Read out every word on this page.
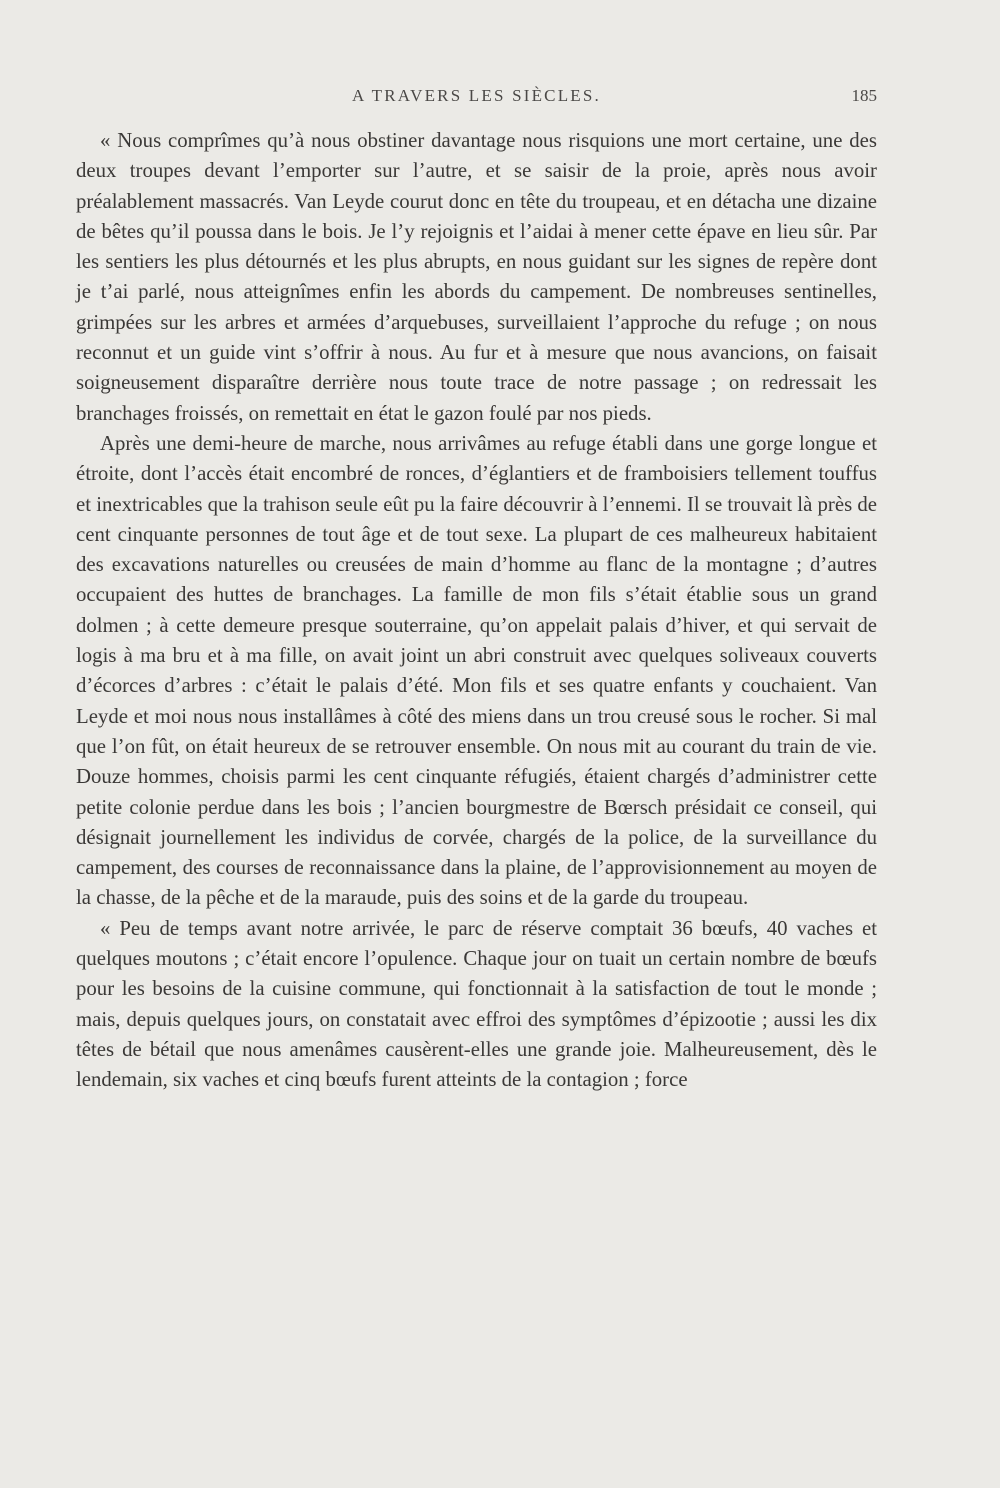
A TRAVERS LES SIÈCLES.	185

« Nous comprîmes qu’à nous obstiner davantage nous risquions une mort certaine, une des deux troupes devant l’emporter sur l’autre, et se saisir de la proie, après nous avoir préalablement massacrés. Van Leyde courut donc en tête du troupeau, et en détacha une dizaine de bêtes qu’il poussa dans le bois. Je l’y rejoignis et l’aidai à mener cette épave en lieu sûr. Par les sentiers les plus détournés et les plus abrupts, en nous guidant sur les signes de repère dont je t’ai parlé, nous atteignîmes enfin les abords du campement. De nombreuses sentinelles, grimpées sur les arbres et armées d’arquebuses, surveillaient l’approche du refuge ; on nous reconnut et un guide vint s’offrir à nous. Au fur et à mesure que nous avancions, on faisait soigneusement disparaître derrière nous toute trace de notre passage ; on redressait les branchages froissés, on remettait en état le gazon foulé par nos pieds.

Après une demi-heure de marche, nous arrivâmes au refuge établi dans une gorge longue et étroite, dont l’accès était encombré de ronces, d’églantiers et de framboisiers tellement touffus et inextricables que la trahison seule eût pu la faire découvrir à l’ennemi. Il se trouvait là près de cent cinquante personnes de tout âge et de tout sexe. La plupart de ces malheureux habitaient des excavations naturelles ou creusées de main d’homme au flanc de la montagne ; d’autres occupaient des huttes de branchages. La famille de mon fils s’était établie sous un grand dolmen ; à cette demeure presque souterraine, qu’on appelait palais d’hiver, et qui servait de logis à ma bru et à ma fille, on avait joint un abri construit avec quelques soliveaux couverts d’écorces d’arbres : c’était le palais d’été. Mon fils et ses quatre enfants y couchaient. Van Leyde et moi nous nous installâmes à côté des miens dans un trou creusé sous le rocher. Si mal que l’on fût, on était heureux de se retrouver ensemble. On nous mit au courant du train de vie. Douze hommes, choisis parmi les cent cinquante réfugiés, étaient chargés d’administrer cette petite colonie perdue dans les bois ; l’ancien bourgmestre de Bœrsch présidait ce conseil, qui désignait journellement les individus de corvée, chargés de la police, de la surveillance du campement, des courses de reconnaissance dans la plaine, de l’approvisionnement au moyen de la chasse, de la pêche et de la maraude, puis des soins et de la garde du troupeau.

« Peu de temps avant notre arrivée, le parc de réserve comptait 36 bœufs, 40 vaches et quelques moutons ; c’était encore l’opulence. Chaque jour on tuait un certain nombre de bœufs pour les besoins de la cuisine commune, qui fonctionnait à la satisfaction de tout le monde ; mais, depuis quelques jours, on constatait avec effroi des symptômes d’épizootie ; aussi les dix têtes de bétail que nous amenâmes causèrent-elles une grande joie. Malheureusement, dès le lendemain, six vaches et cinq bœufs furent atteints de la contagion ; force
